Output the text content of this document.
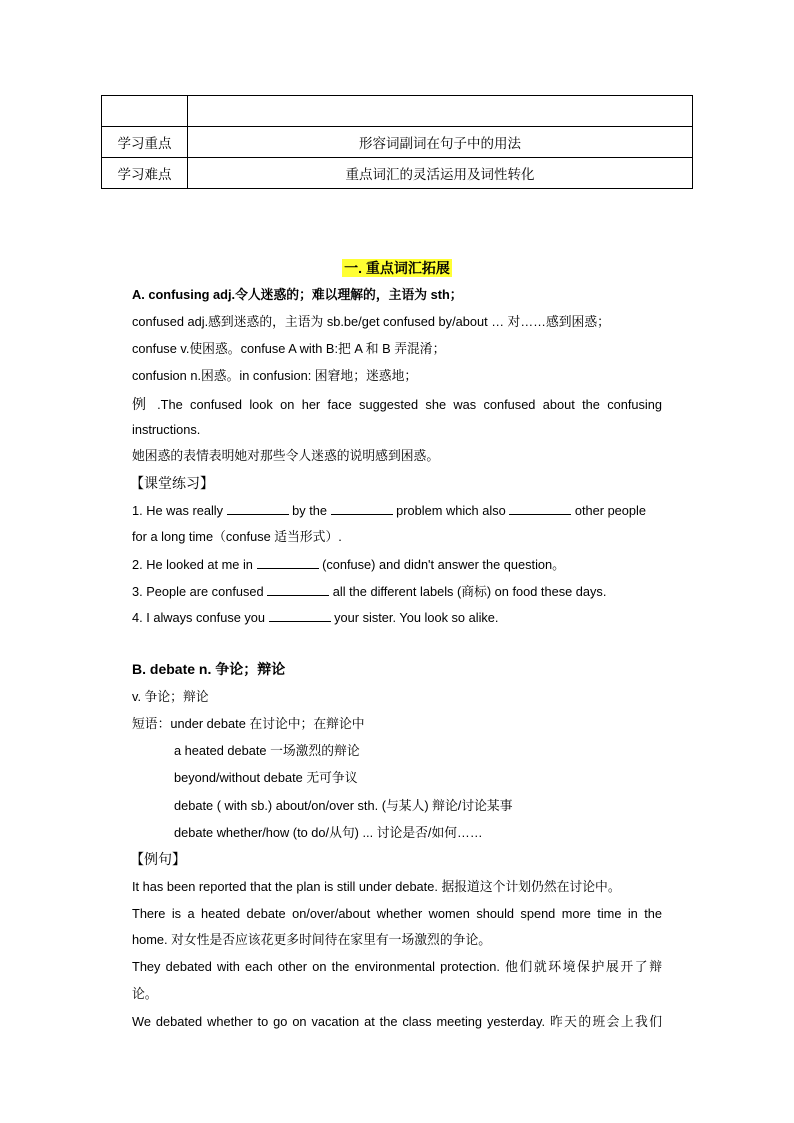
学习重点	形容词副词在句子中的用法
学习难点	重点词汇的灵活运用及词性转化
一. 重点词汇拓展
A. confusing adj.令人迷惑的；难以理解的，主语为 sth；
confused adj.感到迷惑的，主语为 sb.be/get confused by/about … 对……感到困惑；
confuse v.使困惑。confuse A with B:把 A 和 B 弄混淆；
confusion n.困惑。in confusion: 困窘地；迷惑地；
例 .The confused look on her face suggested she was confused about the confusing
instructions.
她困惑的表情表明她对那些令人迷惑的说明感到困惑。
【课堂练习】
1. He was really	by the	problem which also	other people
for a long time（confuse 适当形式）.
2. He looked at me in	(confuse) and didn't answer the question。
3. People are confused	all the different labels (商标) on food these days.
4. I always confuse you	your sister. You look so alike.
B. debate n. 争论；辩论
v. 争论；辩论
短语：under debate 在讨论中；在辩论中
a heated debate 一场激烈的辩论
beyond/without debate 无可争议
debate ( with sb.) about/on/over sth. (与某人) 辩论/讨论某事
debate whether/how (to do/从句) ... 讨论是否/如何……
【例句】
It has been reported that the plan is still under debate. 据报道这个计划仍然在讨论中。
There is a heated debate on/over/about whether women should spend more time in the
home. 对女性是否应该花更多时间待在家里有一场激烈的争论。
They debated with each other on the environmental protection. 他们就环境保护展开了辩
论。
We debated whether to go on vacation at the class meeting yesterday. 昨天的班会上我们
